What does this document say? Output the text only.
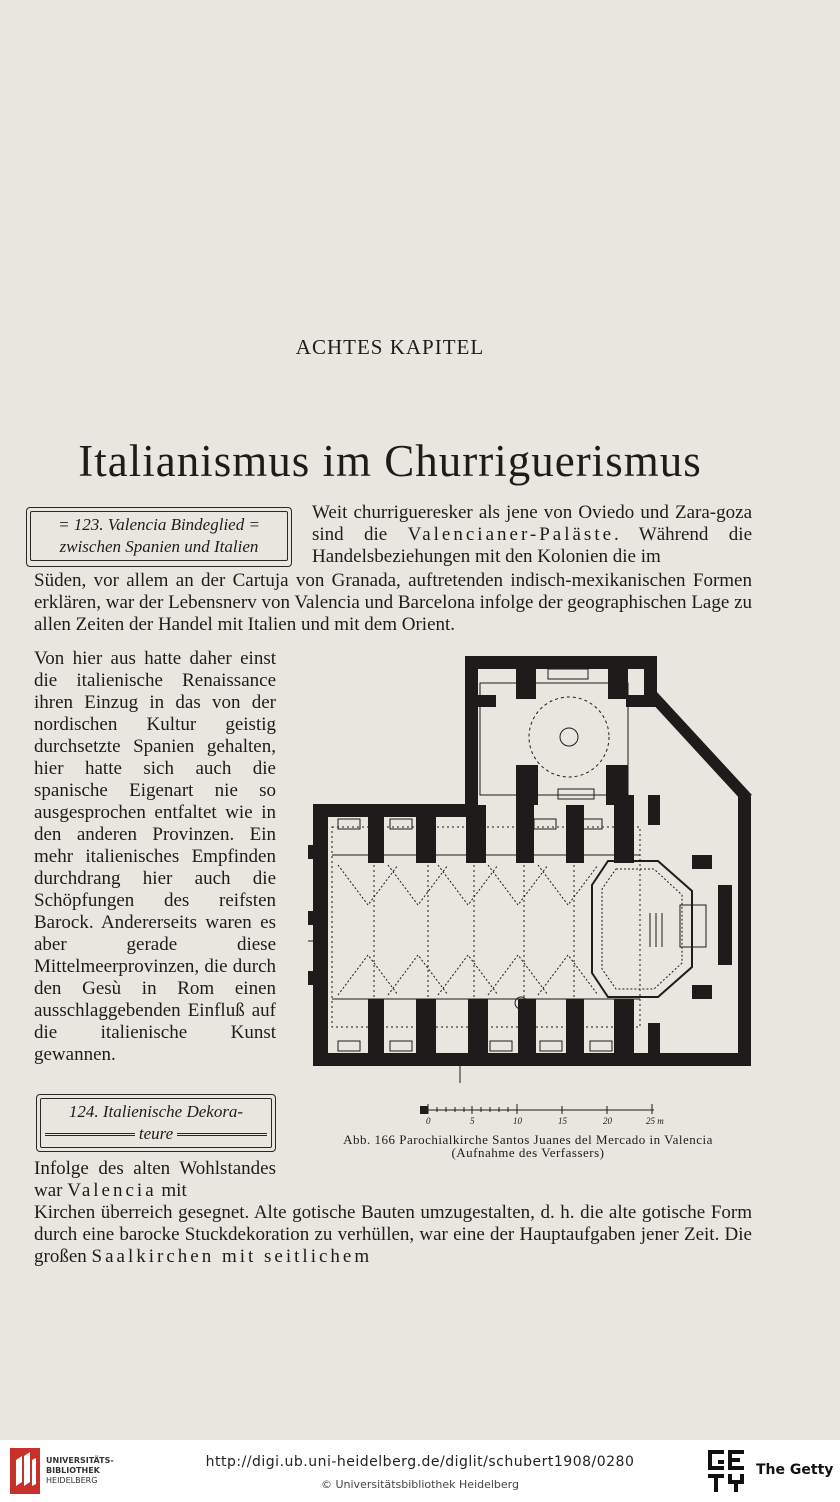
ACHTES KAPITEL
Italianismus im Churriguerismus
= 123. Valencia Bindeglied =
zwischen Spanien und Italien
Weit churrigueresker als jene von Oviedo und Zara-goza sind die Valencianer-Paläste. Während die Handelsbeziehungen mit den Kolonien die im
Süden, vor allem an der Cartuja von Granada, auftretenden indisch-mexikanischen Formen erklären, war der Lebensnerv von Valencia und Barcelona infolge der geographischen Lage zu allen Zeiten der Handel mit Italien und mit dem Orient.
Von hier aus hatte daher einst die italienische Renaissance ihren Einzug in das von der nordischen Kultur geistig durchsetzte Spanien gehalten, hier hatte sich auch die spanische Eigenart nie so ausgesprochen entfaltet wie in den anderen Provinzen. Ein mehr italienisches Empfinden durchdrang hier auch die Schöpfungen des reifsten Barock. Andererseits waren es aber gerade diese Mittelmeerprovinzen, die durch den Gesù in Rom einen ausschlaggebenden Einfluß auf die italienische Kunst gewannen.
0	5	10	15	20	25 m
Abb. 166 Parochialkirche Santos Juanes del Mercado in Valencia
(Aufnahme des Verfassers)
124. Italienische Dekora-
teure
Infolge des alten Wohlstandes war Valencia mit
Kirchen überreich gesegnet. Alte gotische Bauten umzugestalten, d. h. die alte gotische Form durch eine barocke Stuckdekoration zu verhüllen, war eine der Hauptaufgaben jener Zeit. Die großen Saalkirchen mit seitlichem
UNIVERSITÄTS-
BIBLIOTHEK
HEIDELBERG
http://digi.ub.uni-heidelberg.de/diglit/schubert1908/0280
© Universitätsbibliothek Heidelberg
The Getty
